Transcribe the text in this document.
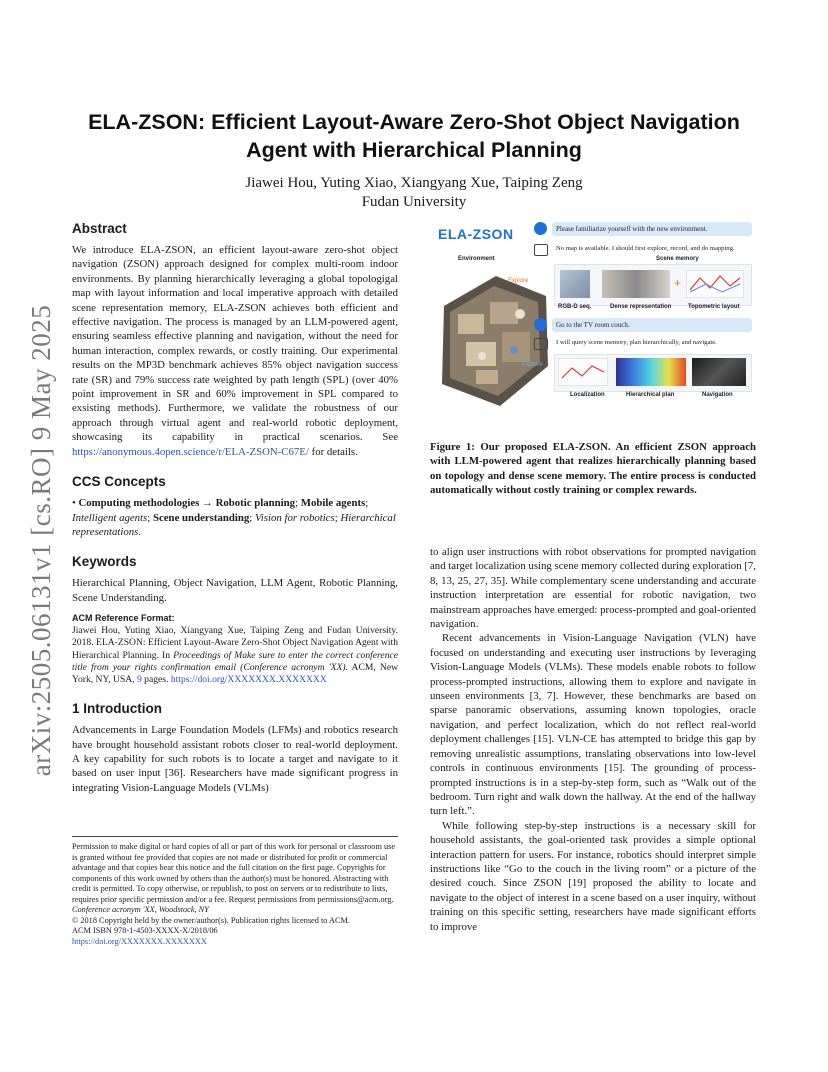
arXiv:2505.06131v1 [cs.RO] 9 May 2025
ELA-ZSON: Efficient Layout-Aware Zero-Shot Object Navigation Agent with Hierarchical Planning
Jiawei Hou, Yuting Xiao, Xiangyang Xue, Taiping Zeng
Fudan University
Abstract

We introduce ELA-ZSON, an efficient layout-aware zero-shot object navigation (ZSON) approach designed for complex multi-room indoor environments. By planning hierarchically leveraging a global topologigal map with layout information and local imperative approach with detailed scene representation memory, ELA-ZSON achieves both efficient and effective navigation. The process is managed by an LLM-powered agent, ensuring seamless effective planning and navigation, without the need for human interaction, complex rewards, or costly training. Our experimental results on the MP3D benchmark achieves 85% object navigation success rate (SR) and 79% success rate weighted by path length (SPL) (over 40% point improvement in SR and 60% improvement in SPL compared to exsisting methods). Furthermore, we validate the robustness of our approach through virtual agent and real-world robotic deployment, showcasing its capability in practical scenarios. See https://anonymous.4open.science/r/ELA-ZSON-C67E/ for details.

CCS Concepts

• Computing methodologies → Robotic planning; Mobile agents; Intelligent agents; Scene understanding; Vision for robotics; Hierarchical representations.

Keywords

Hierarchical Planning, Object Navigation, LLM Agent, Robotic Planning, Scene Understanding.

ACM Reference Format:

Jiawei Hou, Yuting Xiao, Xiangyang Xue, Taiping Zeng and Fudan University. 2018. ELA-ZSON: Efficient Layout-Aware Zero-Shot Object Navigation Agent with Hierarchical Planning. In Proceedings of Make sure to enter the correct conference title from your rights confirmation email (Conference acronym 'XX). ACM, New York, NY, USA, 9 pages. https://doi.org/XXXXXXX.XXXXXXX

1 Introduction

Advancements in Large Foundation Models (LFMs) and robotics research have brought household assistant robots closer to real-world deployment. A key capability for such robots is to locate a target and navigate to it based on user input [36]. Researchers have made significant progress in integrating Vision-Language Models (VLMs)

Permission to make digital or hard copies of all or part of this work for personal or classroom use is granted without fee provided that copies are not made or distributed for profit or commercial advantage and that copies bear this notice and the full citation on the first page. Copyrights for components of this work owned by others than the author(s) must be honored. Abstracting with credit is permitted. To copy otherwise, or republish, to post on servers or to redistribute to lists, requires prior specific permission and/or a fee. Request permissions from permissions@acm.org.

Conference acronym 'XX, Woodstock, NY

© 2018 Copyright held by the owner/author(s). Publication rights licensed to ACM.

ACM ISBN 978-1-4503-XXXX-X/2018/06

https://doi.org/XXXXXXX.XXXXXXX

ELA-ZSON
Environment
Explore
Explore
Please familiarize yourself with the new environment.
No map is available. I should first explore, record, and do mapping.
Scene memory
+
RGB-D seq.	Dense representation	Topometric layout
Go to the TV room couch.
I will query scene memory, plan hierarchically, and navigate.
Localization	Hierarchical plan	Navigation

Figure 1: Our proposed ELA-ZSON. An efficient ZSON approach with LLM-powered agent that realizes hierarchically planning based on topology and dense scene memory. The entire process is conducted automatically without costly training or complex rewards.

to align user instructions with robot observations for prompted navigation and target localization using scene memory collected during exploration [7, 8, 13, 25, 27, 35]. While complementary scene understanding and accurate instruction interpretation are essential for robotic navigation, two mainstream approaches have emerged: process-prompted and goal-oriented navigation.

Recent advancements in Vision-Language Navigation (VLN) have focused on understanding and executing user instructions by leveraging Vision-Language Models (VLMs). These models enable robots to follow process-prompted instructions, allowing them to explore and navigate in unseen environments [3, 7]. However, these benchmarks are based on sparse panoramic observations, assuming known topologies, oracle navigation, and perfect localization, which do not reflect real-world deployment challenges [15]. VLN-CE has attempted to bridge this gap by removing unrealistic assumptions, translating observations into low-level controls in continuous environments [15]. The grounding of process-prompted instructions is in a step-by-step form, such as “Walk out of the bedroom. Turn right and walk down the hallway. At the end of the hallway turn left.”.

While following step-by-step instructions is a necessary skill for household assistants, the goal-oriented task provides a simple optional interaction pattern for users. For instance, robotics should interpret simple instructions like “Go to the couch in the living room” or a picture of the desired couch. Since ZSON [19] proposed the ability to locate and navigate to the object of interest in a scene based on a user inquiry, without training on this specific setting, researchers have made significant efforts to improve
